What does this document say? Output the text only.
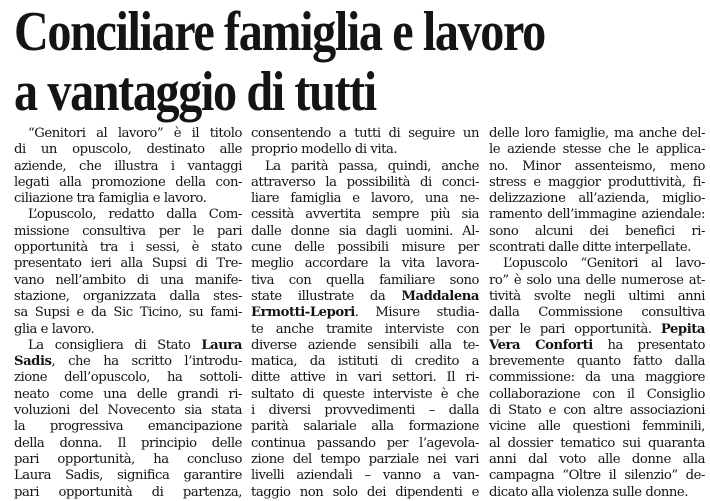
Conciliare famiglia e lavoro
a vantaggio di tutti
“Genitori al lavoro” è il titolo
di un opuscolo, destinato alle
aziende, che illustra i vantaggi
legati alla promozione della con-
ciliazione tra famiglia e lavoro.
L’opuscolo, redatto dalla Com-
missione consultiva per le pari
opportunità tra i sessi, è stato
presentato ieri alla Supsi di Tre-
vano nell’ambito di una manife-
stazione, organizzata dalla stes-
sa Supsi e da Sic Ticino, su fami-
glia e lavoro.
La consigliera di Stato Laura
Sadis, che ha scritto l’introdu-
zione dell’opuscolo, ha sottoli-
neato come una delle grandi ri-
voluzioni del Novecento sia stata
la progressiva emancipazione
della donna. Il principio delle
pari opportunità, ha concluso
Laura Sadis, significa garantire
pari opportunità di partenza,
consentendo a tutti di seguire un
proprio modello di vita.
La parità passa, quindi, anche
attraverso la possibilità di conci-
liare famiglia e lavoro, una ne-
cessità avvertita sempre più sia
dalle donne sia dagli uomini. Al-
cune delle possibili misure per
meglio accordare la vita lavora-
tiva con quella familiare sono
state illustrate da Maddalena
Ermotti-Lepori. Misure studia-
te anche tramite interviste con
diverse aziende sensibili alla te-
matica, da istituti di credito a
ditte attive in vari settori. Il ri-
sultato di queste interviste è che
i diversi provvedimenti – dalla
parità salariale alla formazione
continua passando per l’agevola-
zione del tempo parziale nei vari
livelli aziendali – vanno a van-
taggio non solo dei dipendenti e
delle loro famiglie, ma anche del-
le aziende stesse che le applica-
no. Minor assenteismo, meno
stress e maggior produttività, fi-
delizzazione all’azienda, miglio-
ramento dell’immagine aziendale:
sono alcuni dei benefici ri-
scontrati dalle ditte interpellate.
L’opuscolo “Genitori al lavo-
ro” è solo una delle numerose at-
tività svolte negli ultimi anni
dalla Commissione consultiva
per le pari opportunità. Pepita
Vera Conforti ha presentato
brevemente quanto fatto dalla
commissione: da una maggiore
collaborazione con il Consiglio
di Stato e con altre associazioni
vicine alle questioni femminili,
al dossier tematico sui quaranta
anni dal voto alle donne alla
campagna “Oltre il silenzio” de-
dicato alla violenza sulle donne.
